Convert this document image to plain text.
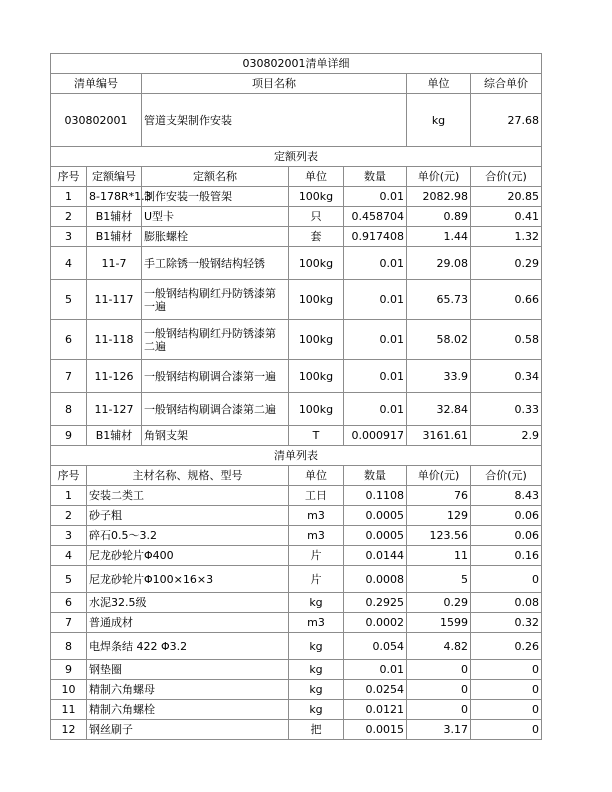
030802001清单详细						
清单编号		项目名称			单位	综合单价
030802001		管道支架制作安装			kg	27.68
定额列表						
序号	定额编号	定额名称	单位	数量	单价(元)	合价(元)
1	8-178R*1.3	制作安装一般管架	100kg	0.01	2082.98	20.85
2	B1辅材	U型卡	只	0.458704	0.89	0.41
3	B1辅材	膨胀螺栓	套	0.917408	1.44	1.32
4	11-7	手工除锈一般钢结构轻锈	100kg	0.01	29.08	0.29
5	11-117	一般钢结构刷红丹防锈漆第一遍	100kg	0.01	65.73	0.66
6	11-118	一般钢结构刷红丹防锈漆第二遍	100kg	0.01	58.02	0.58
7	11-126	一般钢结构刷调合漆第一遍	100kg	0.01	33.9	0.34
8	11-127	一般钢结构刷调合漆第二遍	100kg	0.01	32.84	0.33
9	B1辅材	角钢支架	T	0.000917	3161.61	2.9
清单列表						
序号	主材名称、规格、型号		单位	数量	单价(元)	合价(元)
1	安装二类工		工日	0.1108	76	8.43
2	砂子粗		m3	0.0005	129	0.06
3	碎石0.5～3.2		m3	0.0005	123.56	0.06
4	尼龙砂轮片Φ400		片	0.0144	11	0.16
5	尼龙砂轮片Φ100×16×3		片	0.0008	5	0
6	水泥32.5级		kg	0.2925	0.29	0.08
7	普通成材		m3	0.0002	1599	0.32
8	电焊条结 422 Φ3.2		kg	0.054	4.82	0.26
9	钢垫圈		kg	0.01	0	0
10	精制六角螺母		kg	0.0254	0	0
11	精制六角螺栓		kg	0.0121	0	0
12	钢丝刷子		把	0.0015	3.17	0
